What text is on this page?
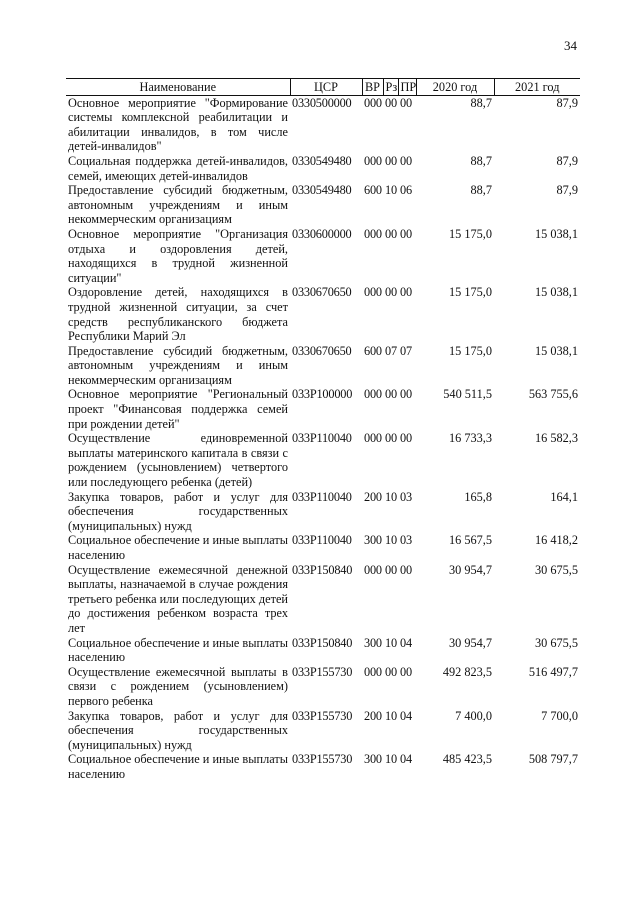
34
Наименование	ЦСР	ВР	Рз	ПР	2020 год	2021 год
Основное мероприятие "Формирование системы комплексной реабилитации и абилитации инвалидов, в том числе детей-инвалидов"	0330500000	000	00	00	88,7	87,9
Социальная поддержка детей-инвалидов, семей, имеющих детей-инвалидов	0330549480	000	00	00	88,7	87,9
Предоставление субсидий бюджетным, автономным учреждениям и иным некоммерческим организациям	0330549480	600	10	06	88,7	87,9
Основное мероприятие "Организация отдыха и оздоровления детей, находящихся в трудной жизненной ситуации"	0330600000	000	00	00	15 175,0	15 038,1
Оздоровление детей, находящихся в трудной жизненной ситуации, за счет средств республиканского бюджета Республики Марий Эл	0330670650	000	00	00	15 175,0	15 038,1
Предоставление субсидий бюджетным, автономным учреждениям и иным некоммерческим организациям	0330670650	600	07	07	15 175,0	15 038,1
Основное мероприятие "Региональный проект "Финансовая поддержка семей при рождении детей"	033P100000	000	00	00	540 511,5	563 755,6
Осуществление единовременной выплаты материнского капитала в связи с рождением (усыновлением) четвертого или последующего ребенка (детей)	033P110040	000	00	00	16 733,3	16 582,3
Закупка товаров, работ и услуг для обеспечения государственных (муниципальных) нужд	033P110040	200	10	03	165,8	164,1
Социальное обеспечение и иные выплаты населению	033P110040	300	10	03	16 567,5	16 418,2
Осуществление ежемесячной денежной выплаты, назначаемой в случае рождения третьего ребенка или последующих детей до достижения ребенком возраста трех лет	033P150840	000	00	00	30 954,7	30 675,5
Социальное обеспечение и иные выплаты населению	033P150840	300	10	04	30 954,7	30 675,5
Осуществление ежемесячной выплаты в связи с рождением (усыновлением) первого ребенка	033P155730	000	00	00	492 823,5	516 497,7
Закупка товаров, работ и услуг для обеспечения государственных (муниципальных) нужд	033P155730	200	10	04	7 400,0	7 700,0
Социальное обеспечение и иные выплаты населению	033P155730	300	10	04	485 423,5	508 797,7
